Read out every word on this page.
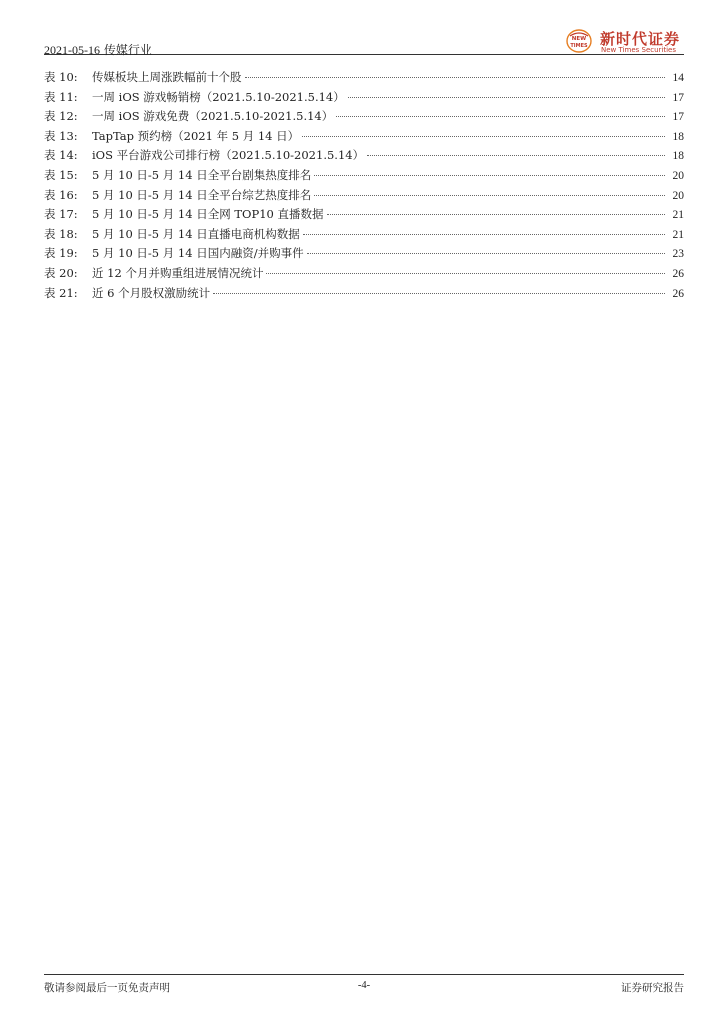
2021-05-16 传媒行业
NEW
TIMES 新时代证券
New Times Securities
表 10:	传媒板块上周涨跌幅前十个股	14
表 11:	一周 iOS 游戏畅销榜（2021.5.10-2021.5.14）	17
表 12:	一周 iOS 游戏免费（2021.5.10-2021.5.14）	17
表 13:	TapTap 预约榜（2021 年 5 月 14 日）	18
表 14:	iOS 平台游戏公司排行榜（2021.5.10-2021.5.14）	18
表 15:	5 月 10 日-5 月 14 日全平台剧集热度排名	20
表 16:	5 月 10 日-5 月 14 日全平台综艺热度排名	20
表 17:	5 月 10 日-5 月 14 日全网 TOP10 直播数据	21
表 18:	5 月 10 日-5 月 14 日直播电商机构数据	21
表 19:	5 月 10 日-5 月 14 日国内融资/并购事件	23
表 20:	近 12 个月并购重组进展情况统计	26
表 21:	近 6 个月股权激励统计	26
敬请参阅最后一页免责声明	-4-	证券研究报告
